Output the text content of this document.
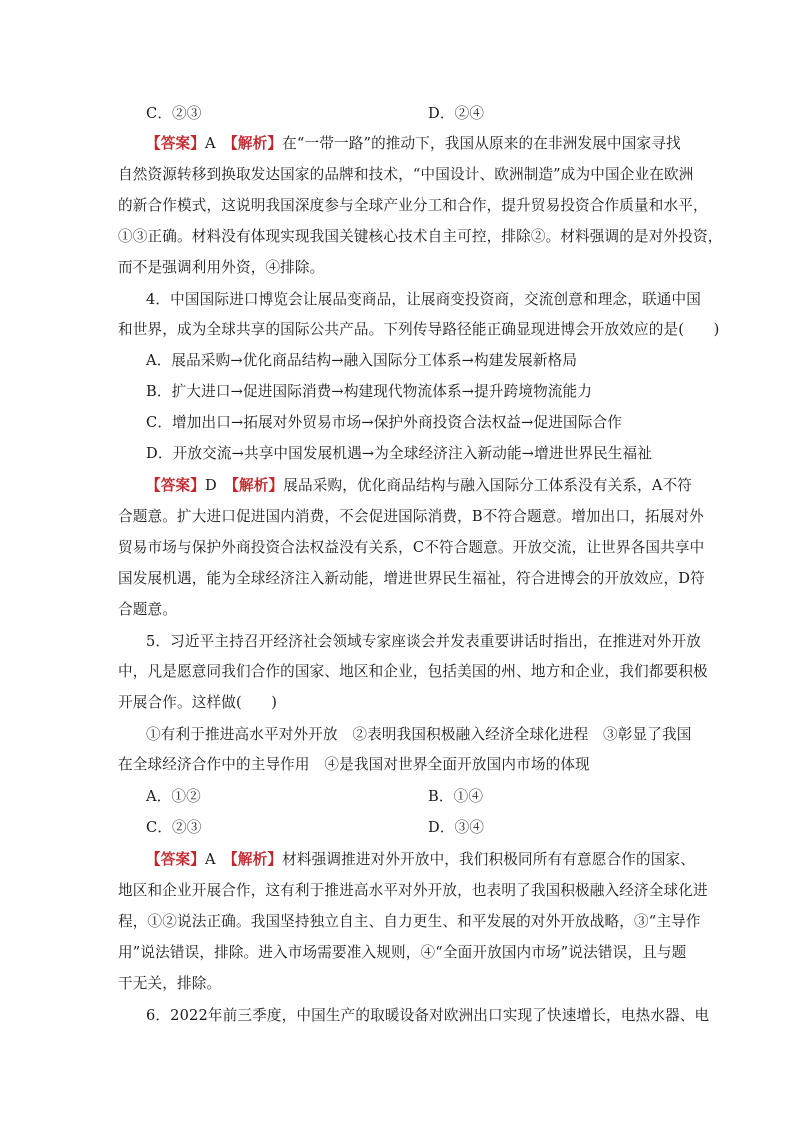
C．②③	D．②④
【答案】A　 【解析】在“一带一路”的推动下，我国从原来的在非洲发展中国家寻找
自然资源转移到换取发达国家的品牌和技术，“中国设计、欧洲制造”成为中国企业在欧洲
的新合作模式，这说明我国深度参与全球产业分工和合作，提升贸易投资合作质量和水平，
①③正确。材料没有体现实现我国关键核心技术自主可控，排除②。材料强调的是对外投资，
而不是强调利用外资，④排除。
4．中国国际进口博览会让展品变商品，让展商变投资商，交流创意和理念，联通中国
和世界，成为全球共享的国际公共产品。下列传导路径能正确显现进博会开放效应的是(　　)
A．展品采购→优化商品结构→融入国际分工体系→构建发展新格局
B．扩大进口→促进国际消费→构建现代物流体系→提升跨境物流能力
C．增加出口→拓展对外贸易市场→保护外商投资合法权益→促进国际合作
D．开放交流→共享中国发展机遇→为全球经济注入新动能→增进世界民生福祉
【答案】D　 【解析】展品采购，优化商品结构与融入国际分工体系没有关系，A不符
合题意。扩大进口促进国内消费，不会促进国际消费，B不符合题意。增加出口，拓展对外
贸易市场与保护外商投资合法权益没有关系，C不符合题意。开放交流，让世界各国共享中
国发展机遇，能为全球经济注入新动能，增进世界民生福祉，符合进博会的开放效应，D符
合题意。
5．习近平主持召开经济社会领域专家座谈会并发表重要讲话时指出，在推进对外开放
中，凡是愿意同我们合作的国家、地区和企业，包括美国的州、地方和企业，我们都要积极
开展合作。这样做(　　)
①有利于推进高水平对外开放　②表明我国积极融入经济全球化进程　③彰显了我国
在全球经济合作中的主导作用　④是我国对世界全面开放国内市场的体现
A．①②	B．①④
C．②③	D．③④
【答案】A　 【解析】材料强调推进对外开放中，我们积极同所有有意愿合作的国家、
地区和企业开展合作，这有利于推进高水平对外开放，也表明了我国积极融入经济全球化进
程，①②说法正确。我国坚持独立自主、自力更生、和平发展的对外开放战略，③“主导作
用”说法错误，排除。进入市场需要准入规则，④“全面开放国内市场”说法错误，且与题
干无关，排除。
6．2022年前三季度，中国生产的取暖设备对欧洲出口实现了快速增长，电热水器、电
